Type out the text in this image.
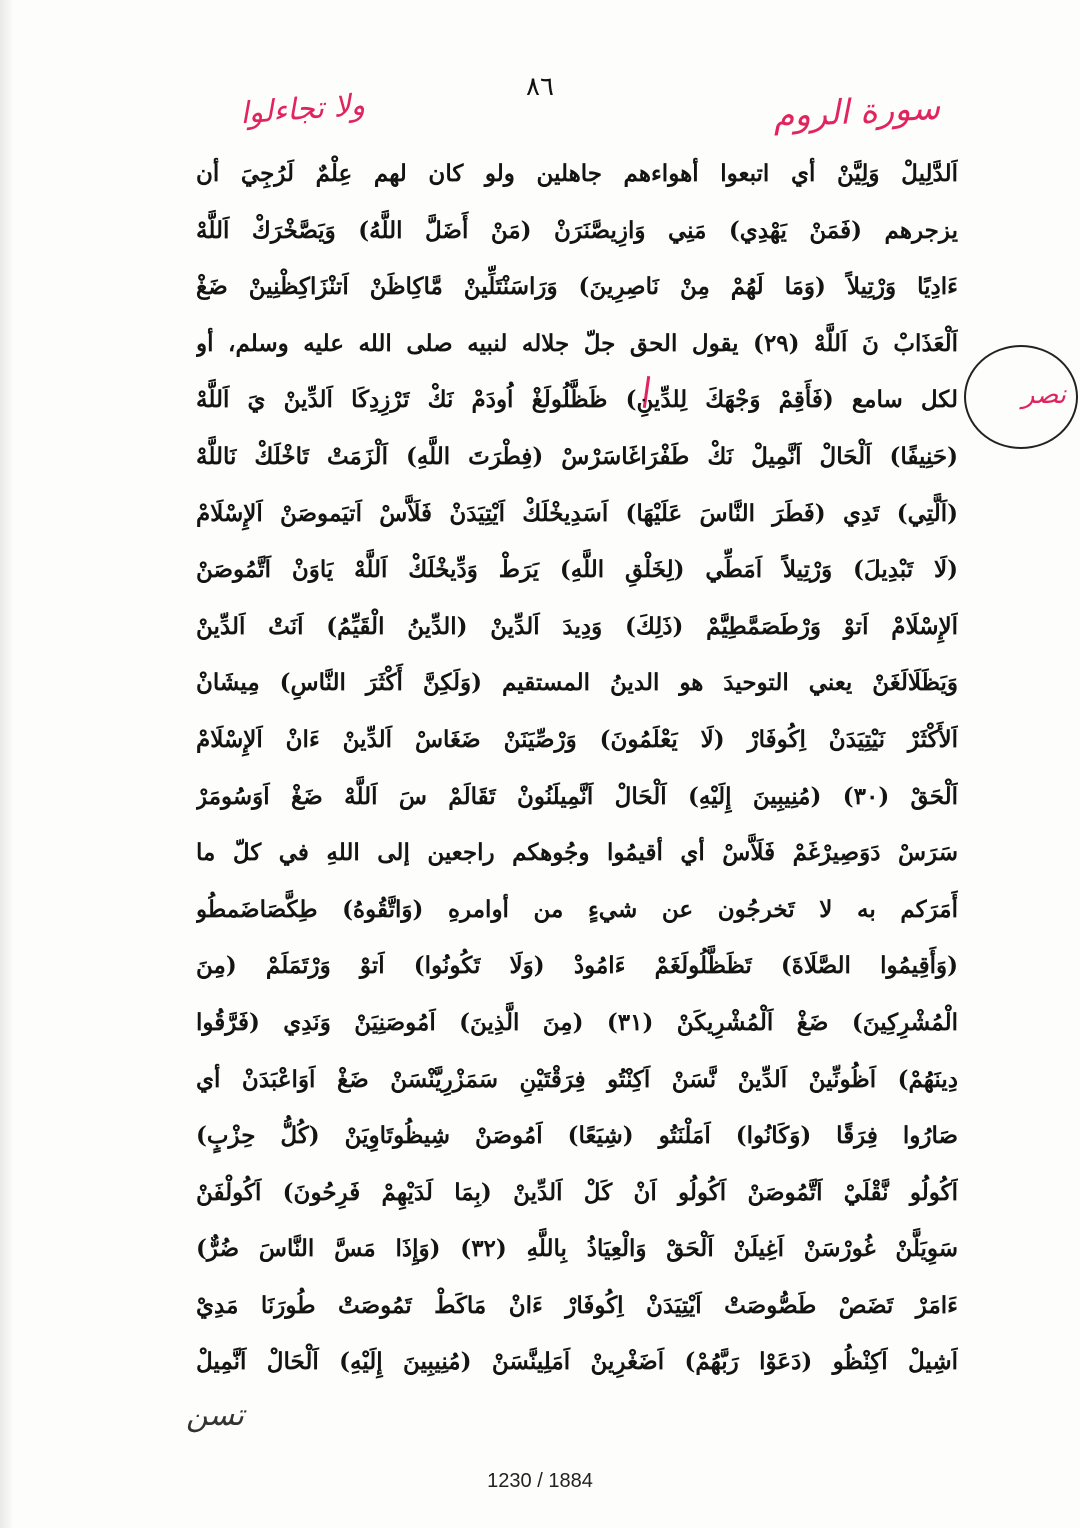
٨٦
سورة الروم
ولا تجاءلوا
نصر
اَلدَّلِيلْ وَلِيَّنْ أي اتبعوا أهواءهم جاهلين ولو كان لهم عِلْمٌ لَرُجِيَ أن
يزجرهم (فَمَنْ يَهْدِي) مَنِي وَازِيصَّنَرَنْ (مَنْ أَضَلَّ اللَّهُ) وَيَصَّخْرَكْ اَللَّهْ
ءَادِيًا وَرْتِيلاً (وَمَا لَهُمْ مِنْ نَاصِرِينَ) وَرَاسَنْتَلِّينْ مَّاكِاظَنْ اَتنْزَاكِظْنِينْ ضَغْ
اَلْعَذَابْ نَ اَللَّهْ (٢٩) يقول الحق جلّ جلاله لنبيه صلى الله عليه وسلم، أو
لكل سامع (فَأَقِمْ وَجْهَكَ لِلدِّينِ) ظَظَّلُولَغْ اُودَمْ نَكْ تَرْزِدِكَا اَلدِّينْ يَ اَللَّهْ
(حَنِيفًا) اَلْحَالْ اَنَّمِيلْ نَكْ طَفْرَاغَاسَرْسْ (فِطْرَتَ اللَّهِ) اَلْزَمَتْ تَاخْلَكْ نَاللَّهْ
(اَلَّتِي) تَدِي (فَطَرَ النَّاسَ عَلَيْهَا) اَسَدِيخْلَكْ اَيْتِيَدَنْ فَلَاَّسْ اَتيَموصَنْ اَلإِسْلَامْ
(لَا تَبْدِيلَ) وَرْتِيلاً اَمَطِّي (لِخَلْقِ اللَّهِ) يَرَطْ وَدِّيخْلَكْ اَللَّهْ يَاوَنْ اَتَّمُوصَنْ
اَلإِسْلَامْ اَتوْ وَرْطَصَمَّطِيَّمْ (ذَلِكَ) وَدِيدَ اَلدِّينْ (الدِّينُ الْقَيِّمُ) اَنَتْ اَلدِّينْ
وَيَظَلَالَغَنْ يعني التوحيدَ هو الدينُ المستقيم (وَلَكِنَّ أَكْثَرَ النَّاسِ) مِيشَانْ
اَلأَكْثَرْ نَيْتِيَدَنْ اِكُوفَارْ (لَا يَعْلَمُونَ) وَرْصِّيَنَنْ ضَغَاسْ اَلدِّينْ ءَانْ اَلإِسْلَامْ
اَلْحَقْ (٣٠) (مُنِيبِينَ إِلَيْهِ) اَلْحَالْ اَنَّمِيلَنُونْ تَقَالَمْ سَ اَللَّهْ ضَغْ اَوَسُومَرْ
سَرَسْ دَوَصِيرْغَمْ فَلَاَّسْ أي أقيمُوا وجُوهكم راجعين إلى اللهِ في كلّ ما
أَمَرَكم به لا تَخرجُون عن شيءٍ من أوامرهِ (وَاتَّقُوهُ) طِكَّصَاضَمطُو
(وَأَقِيمُوا الصَّلَاةَ) تَظَظَّلُولَغَمْ ءَامُودْ (وَلَا تَكُونُوا) اَتوْ وَرْتَمَلَمْ (مِنَ
الْمُشْرِكِينَ) ضَغْ اَلْمُشْرِيكَنْ (٣١) (مِنَ الَّذِينَ) اَمُوصَنِيَنْ وَنَدِي (فَرَّقُوا
دِينَهُمْ) اَظُونِّينْ اَلدِّينْ نَّسَنْ اَكِنْتُو فِرَقْتَيْنِ سَمَزْرِيَّنْسَنْ ضَغْ اَوَاعْبَدَنْ أي
صَارُوا فِرَقًا (وَكَانُوا) اَمَلْنَتُو (شِيَعًا) اَمُوصَنْ شِيظُوتَاوِيَنْ (كُلُّ حِزْبٍ)
اَكُولُو نَّقْلَيْ اَتَّمُوصَنْ اَكُولُو اَنْ كَلْ اَلدِّينْ (بِمَا لَدَيْهِمْ فَرِحُونَ) اَكُولْفَنْ
سَوِيَلَّنْ غُورْسَنْ اَغِيلَنْ اَلْحَقْ وَالْعِيَاذُ بِاللَّهِ (٣٢) (وَإِذَا مَسَّ النَّاسَ ضُرٌّ)
ءَامَرْ تَضَصْ طَصُّوصَتْ اَيْتِيَدَنْ اِكُوفَارْ ءَانْ مَاكَطْ تَمُوصَتْ طُورَنَا مَدِيْ
اَشِيلْ اَكِنْظُو (دَعَوْا رَبَّهُمْ) اَضَغْرِينْ اَمَلِينَّسَنْ (مُنِيبِينَ إِلَيْهِ) اَلْحَالْ اَنَّمِيلْ
تسن
1230 / 1884
